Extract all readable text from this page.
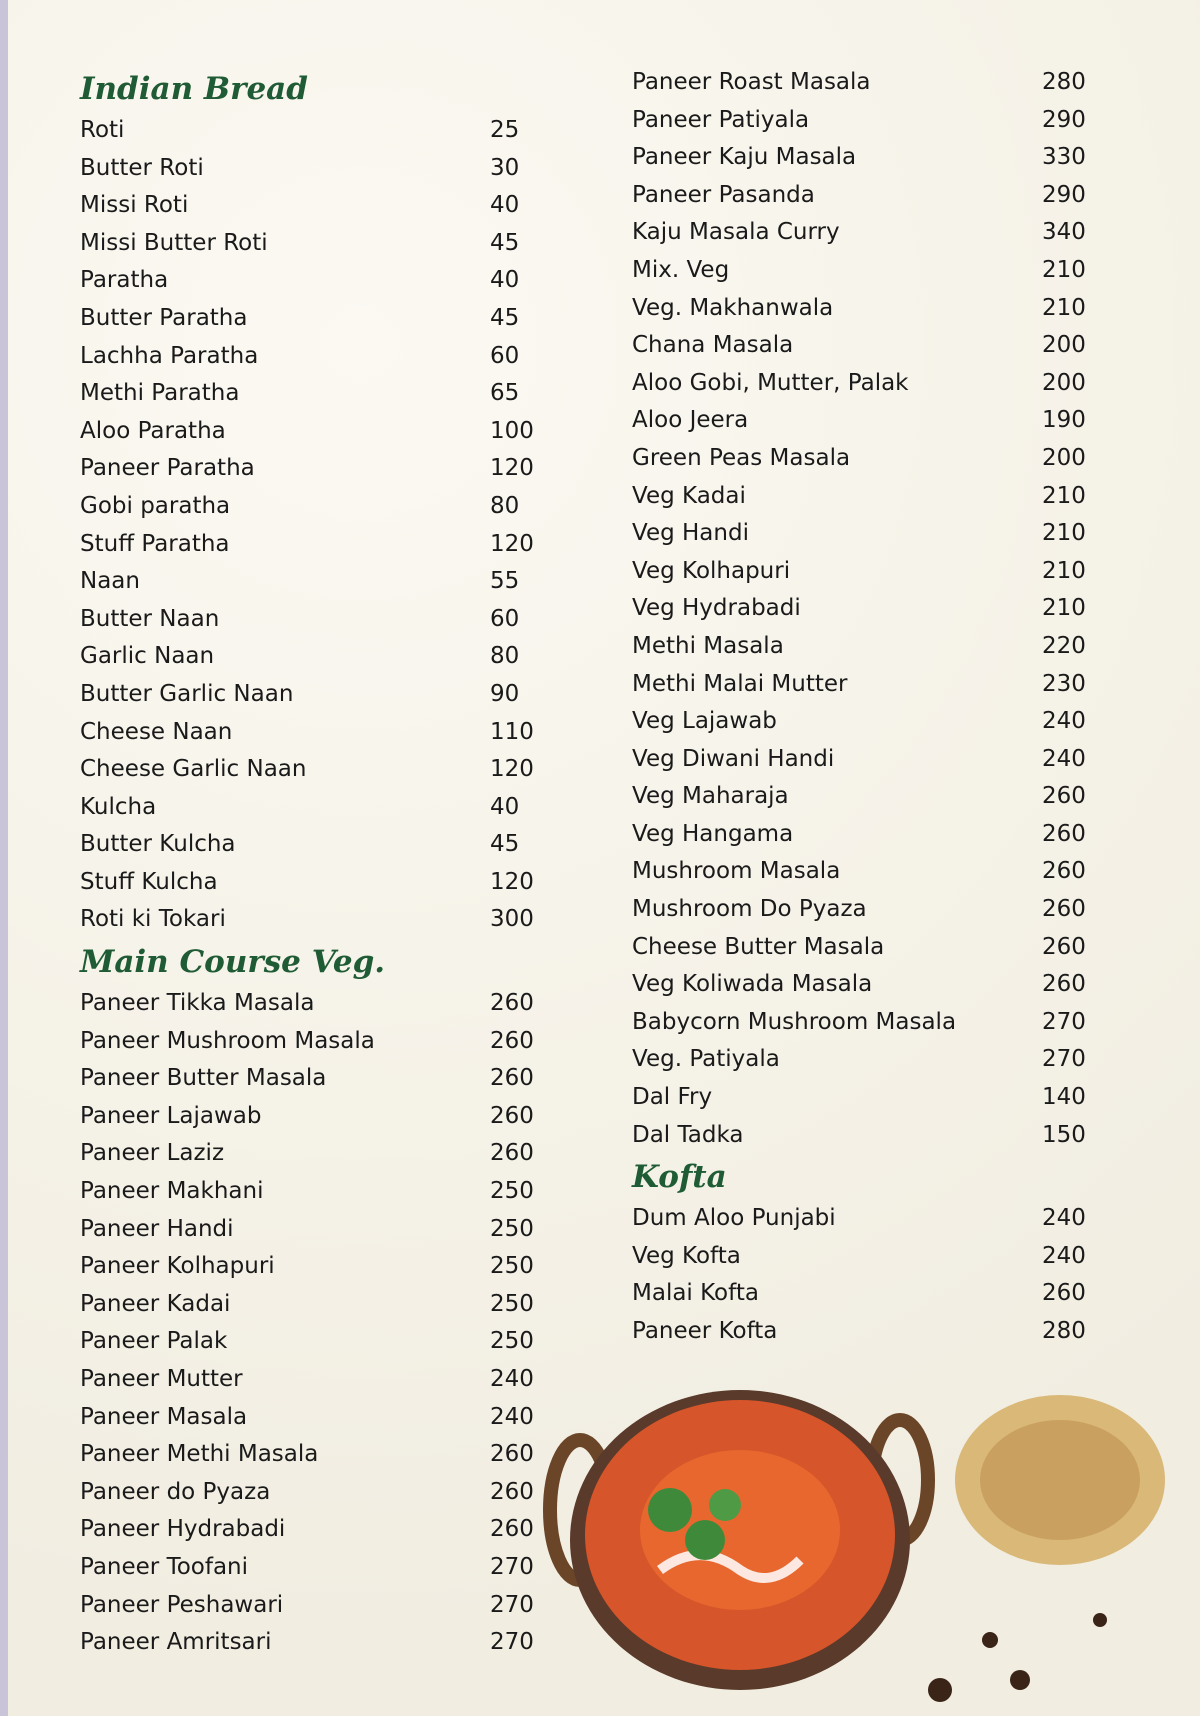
Indian Bread
Roti	25
Butter Roti	30
Missi Roti	40
Missi Butter Roti	45
Paratha	40
Butter Paratha	45
Lachha Paratha	60
Methi Paratha	65
Aloo Paratha	100
Paneer Paratha	120
Gobi paratha	80
Stuff Paratha	120
Naan	55
Butter Naan	60
Garlic Naan	80
Butter Garlic Naan	90
Cheese Naan	110
Cheese Garlic Naan	120
Kulcha	40
Butter Kulcha	45
Stuff Kulcha	120
Roti ki Tokari	300
Main Course Veg.
Paneer Tikka Masala	260
Paneer Mushroom Masala	260
Paneer Butter Masala	260
Paneer Lajawab	260
Paneer Laziz	260
Paneer Makhani	250
Paneer Handi	250
Paneer Kolhapuri	250
Paneer Kadai	250
Paneer Palak	250
Paneer Mutter	240
Paneer Masala	240
Paneer Methi Masala	260
Paneer do Pyaza	260
Paneer Hydrabadi	260
Paneer Toofani	270
Paneer Peshawari	270
Paneer Amritsari	270
Paneer Roast Masala	280
Paneer Patiyala	290
Paneer Kaju Masala	330
Paneer Pasanda	290
Kaju Masala Curry	340
Mix. Veg	210
Veg. Makhanwala	210
Chana Masala	200
Aloo Gobi, Mutter, Palak	200
Aloo Jeera	190
Green Peas Masala	200
Veg Kadai	210
Veg Handi	210
Veg Kolhapuri	210
Veg Hydrabadi	210
Methi Masala	220
Methi Malai Mutter	230
Veg Lajawab	240
Veg Diwani Handi	240
Veg Maharaja	260
Veg Hangama	260
Mushroom Masala	260
Mushroom Do Pyaza	260
Cheese Butter Masala	260
Veg Koliwada Masala	260
Babycorn Mushroom Masala	270
Veg. Patiyala	270
Dal Fry	140
Dal Tadka	150
Kofta
Dum Aloo Punjabi	240
Veg Kofta	240
Malai Kofta	260
Paneer Kofta	280
